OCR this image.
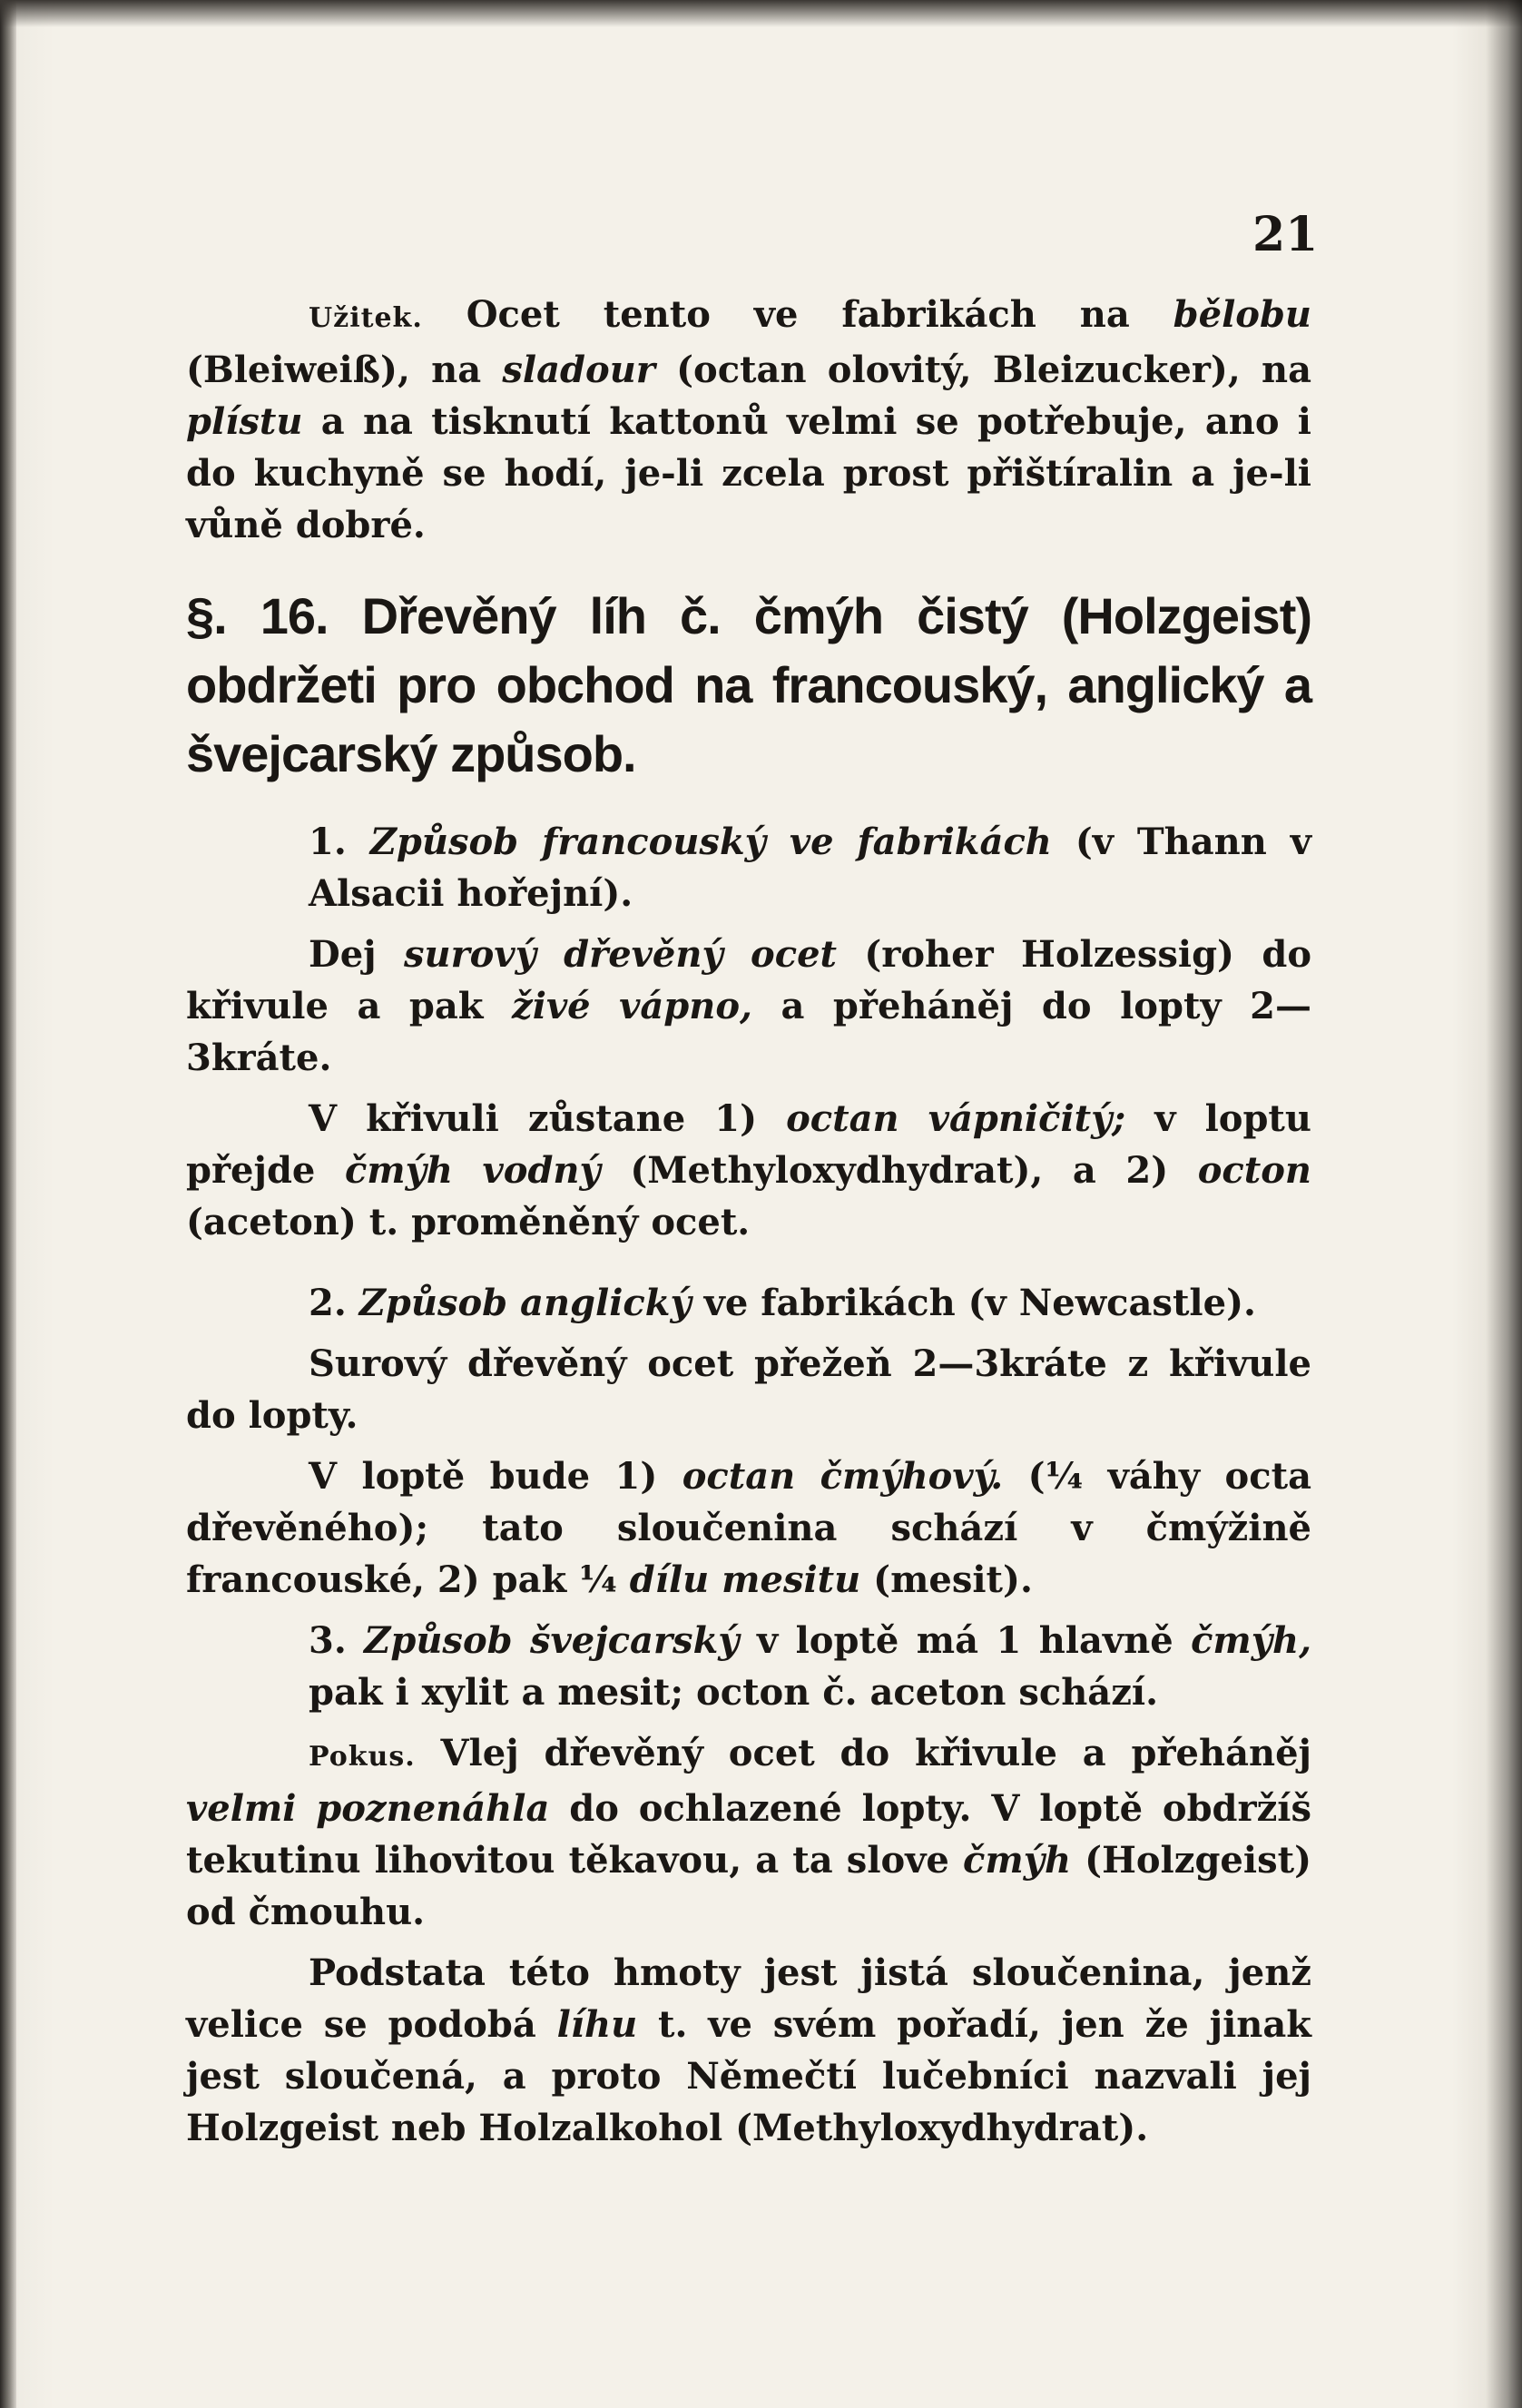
21

Užitek. Ocet tento ve fabrikách na bělobu (Bleiweiß), na sladour (octan olovitý, Bleizucker), na plístu a na tisknutí kattonů velmi se potřebuje, ano i do kuchyně se hodí, je-li zcela prost přištíralin a je-li vůně dobré.

§. 16. Dřevěný líh č. čmýh čistý (Holzgeist) obdržeti pro obchod na francouský, anglický a švejcarský způsob.

1. Způsob francouský ve fabrikách (v Thann v Alsacii hořejní).

Dej surový dřevěný ocet (roher Holzessig) do křivule a pak živé vápno, a přeháněj do lopty 2—3kráte.

V křivuli zůstane 1) octan vápničitý; v loptu přejde čmýh vodný (Methyloxydhydrat), a 2) octon (aceton) t. proměněný ocet.

2. Způsob anglický ve fabrikách (v Newcastle).

Surový dřevěný ocet přežeň 2—3kráte z křivule do lopty.

V loptě bude 1) octan čmýhový. (¼ váhy octa dřevěného); tato sloučenina schází v čmýžině francouské, 2) pak ¼ dílu mesitu (mesit).

3. Způsob švejcarský v loptě má 1 hlavně čmýh, pak i xylit a mesit; octon č. aceton schází.

Pokus. Vlej dřevěný ocet do křivule a přeháněj velmi poznenáhla do ochlazené lopty. V loptě obdržíš tekutinu lihovitou těkavou, a ta slove čmýh (Holzgeist) od čmouhu.

Podstata této hmoty jest jistá sloučenina, jenž velice se podobá líhu t. ve svém pořadí, jen že jinak jest sloučená, a proto Němečtí lučebníci nazvali jej Holzgeist neb Holzalkohol (Methyloxydhydrat).
